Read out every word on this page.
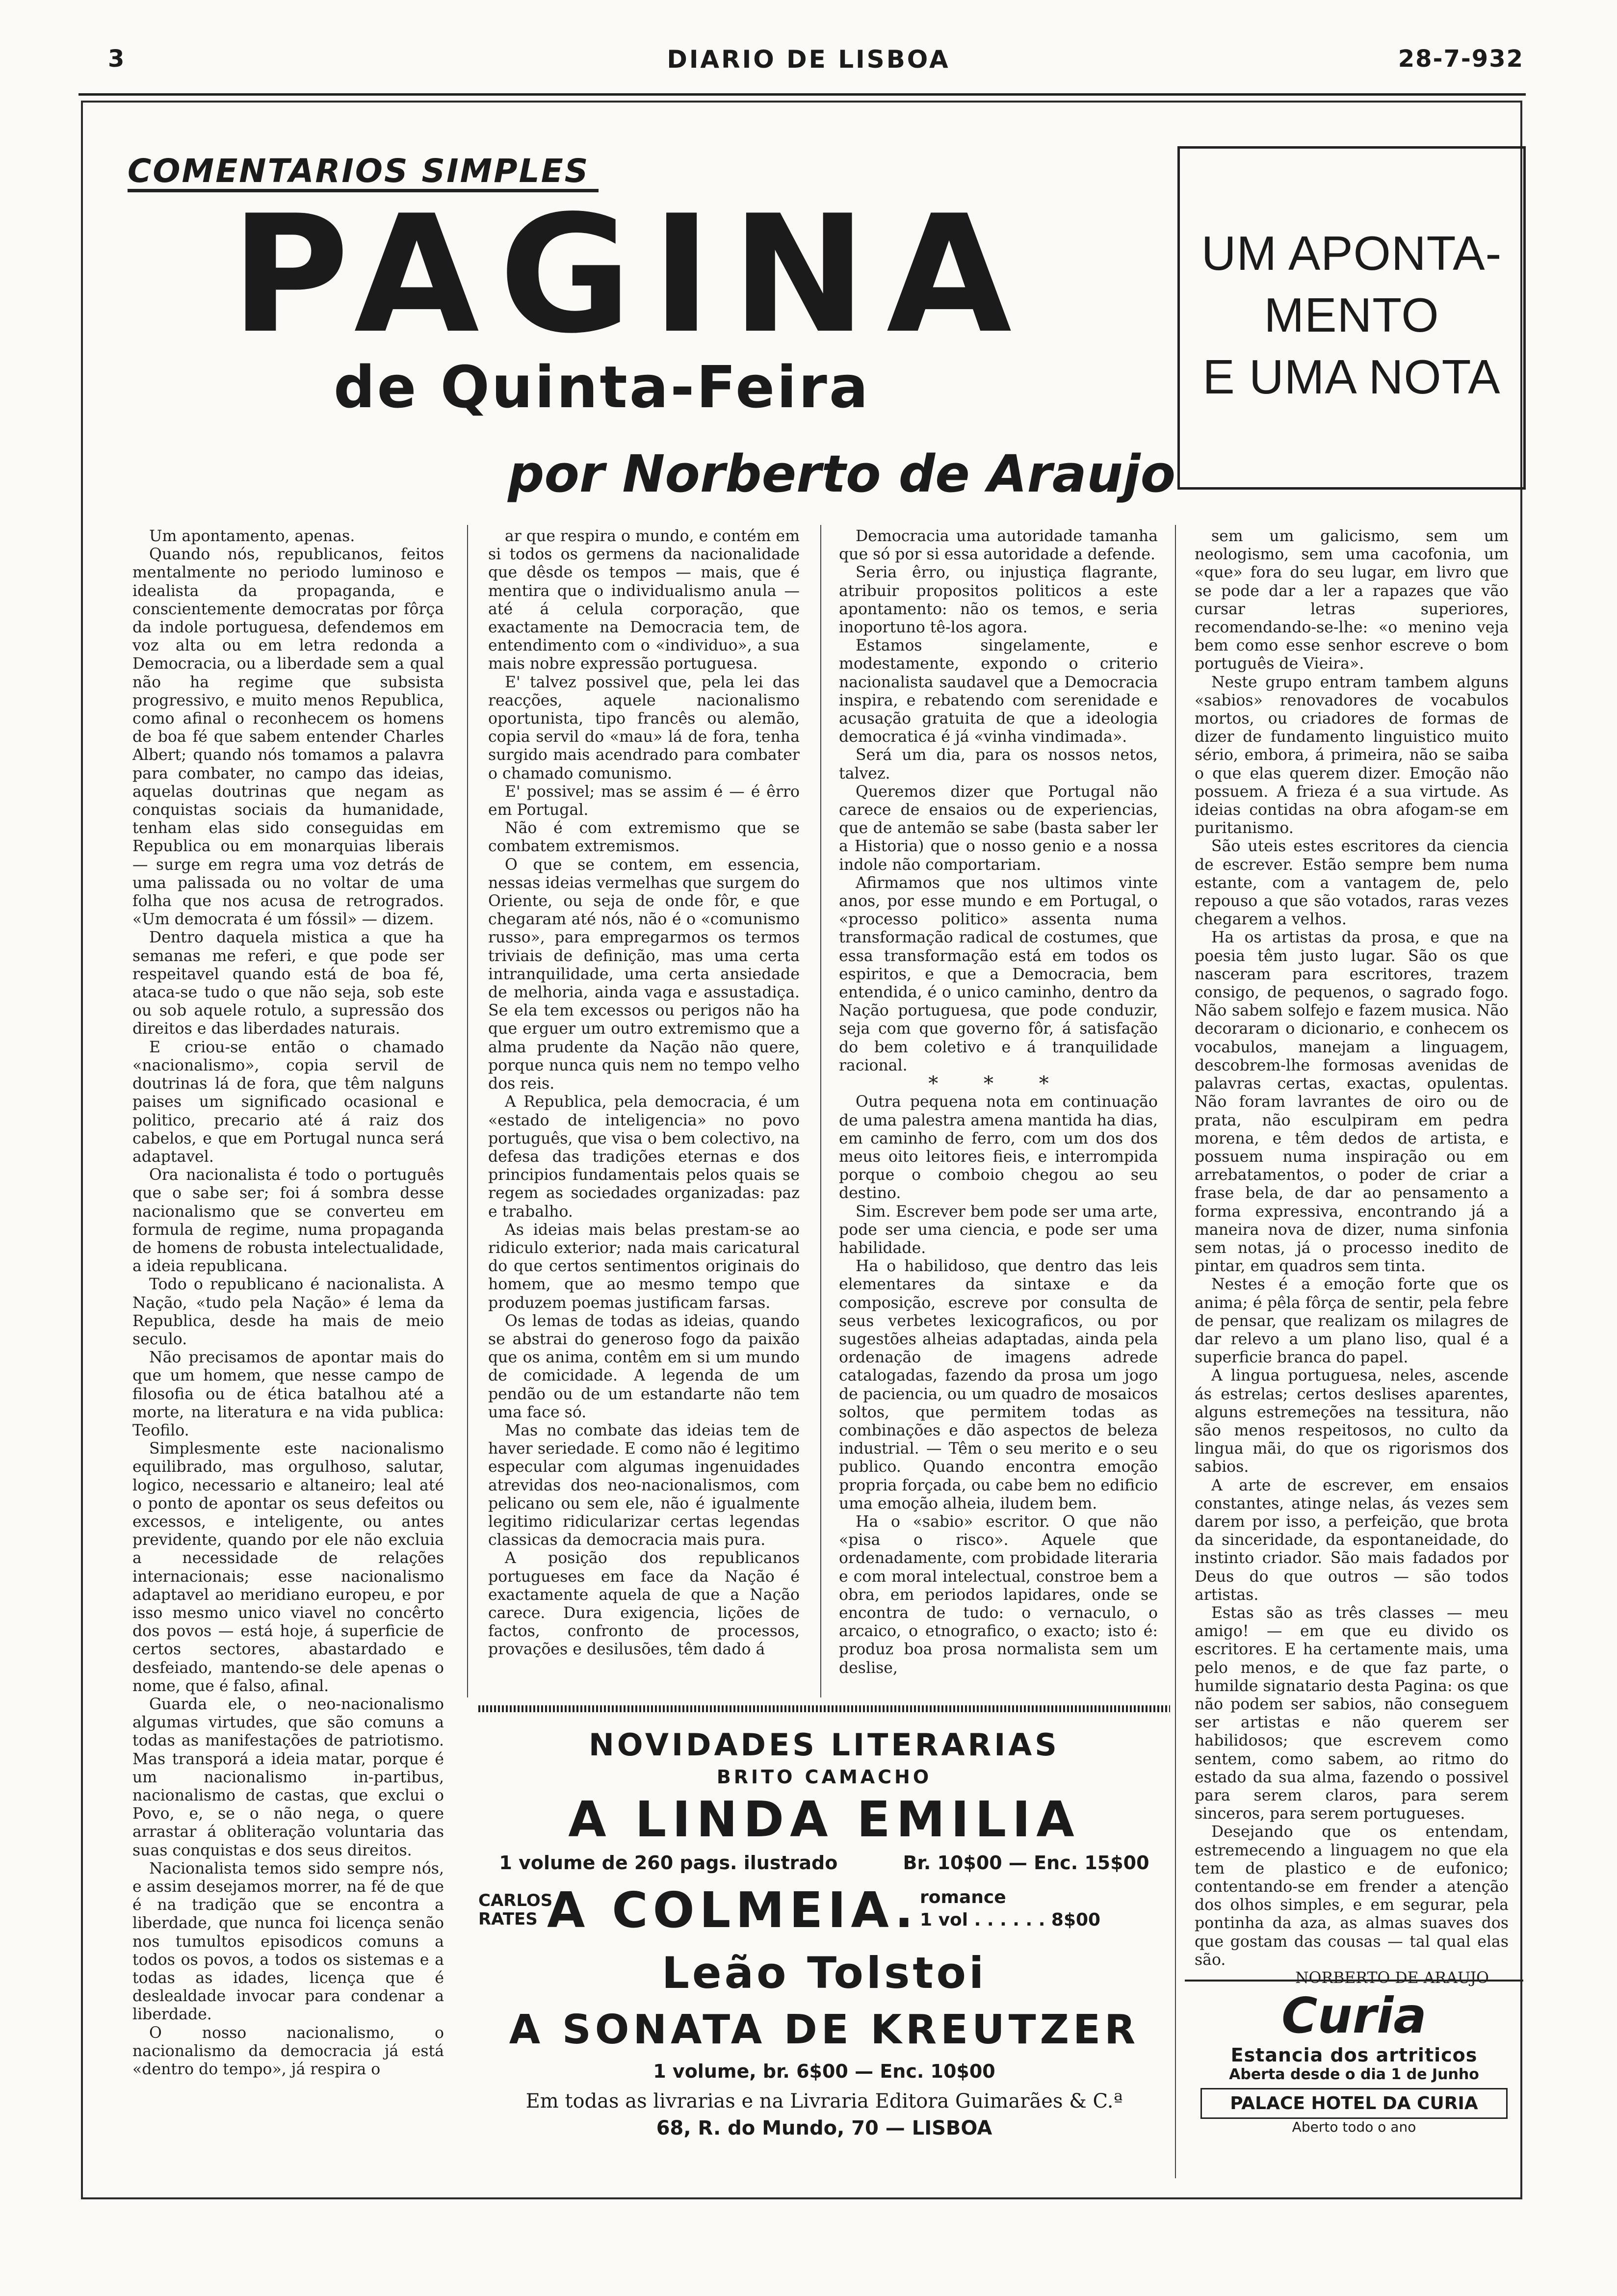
3	DIARIO DE LISBOA	28-7-932
COMENTARIOS SIMPLES
PAGINA
de Quinta-Feira
por Norberto de Araujo
UM APONTA-
MENTO
E UMA NOTA

Um apontamento, apenas.

Quando nós, republicanos, feitos mentalmente no periodo luminoso e idealista da propaganda, e conscientemente democratas por fôrça da indole portuguesa, defendemos em voz alta ou em letra redonda a Democracia, ou a liberdade sem a qual não ha regime que subsista progressivo, e muito menos Republica, como afinal o reconhecem os homens de boa fé que sabem entender Charles Albert; quando nós tomamos a palavra para combater, no campo das ideias, aquelas doutrinas que negam as conquistas sociais da humanidade, tenham elas sido conseguidas em Republica ou em monarquias liberais — surge em regra uma voz detrás de uma palissada ou no voltar de uma folha que nos acusa de retrogrados. «Um democrata é um fóssil» — dizem.

Dentro daquela mistica a que ha semanas me referi, e que pode ser respeitavel quando está de boa fé, ataca-se tudo o que não seja, sob este ou sob aquele rotulo, a supressão dos direitos e das liberdades naturais.

E criou-se então o chamado «nacionalismo», copia servil de doutrinas lá de fora, que têm nalguns paises um significado ocasional e politico, precario até á raiz dos cabelos, e que em Portugal nunca será adaptavel.

Ora nacionalista é todo o português que o sabe ser; foi á sombra desse nacionalismo que se converteu em formula de regime, numa propaganda de homens de robusta intelectualidade, a ideia republicana.

Todo o republicano é nacionalista. A Nação, «tudo pela Nação» é lema da Republica, desde ha mais de meio seculo.

Não precisamos de apontar mais do que um homem, que nesse campo de filosofia ou de ética batalhou até a morte, na literatura e na vida publica: Teofilo.

Simplesmente este nacionalismo equilibrado, mas orgulhoso, salutar, logico, necessario e altaneiro; leal até o ponto de apontar os seus defeitos ou excessos, e inteligente, ou antes previdente, quando por ele não excluia a necessidade de relações internacionais; esse nacionalismo adaptavel ao meridiano europeu, e por isso mesmo unico viavel no concêrto dos povos — está hoje, á superficie de certos sectores, abastardado e desfeiado, mantendo-se dele apenas o nome, que é falso, afinal.

Guarda ele, o neo-nacionalismo algumas virtudes, que são comuns a todas as manifestações de patriotismo. Mas transporá a ideia matar, porque é um nacionalismo in-partibus, nacionalismo de castas, que exclui o Povo, e, se o não nega, o quere arrastar á obliteração voluntaria das suas conquistas e dos seus direitos.

Nacionalista temos sido sempre nós, e assim desejamos morrer, na fé de que é na tradição que se encontra a liberdade, que nunca foi licença senão nos tumultos episodicos comuns a todos os povos, a todos os sistemas e a todas as idades, licença que é deslealdade invocar para condenar a liberdade.

O nosso nacionalismo, o nacionalismo da democracia já está «dentro do tempo», já respira o

ar que respira o mundo, e contém em si todos os germens da nacionalidade que dêsde os tempos — mais, que é mentira que o individualismo anula — até á celula corporação, que exactamente na Democracia tem, de entendimento com o «individuo», a sua mais nobre expressão portuguesa.

E' talvez possivel que, pela lei das reacções, aquele nacionalismo oportunista, tipo francês ou alemão, copia servil do «mau» lá de fora, tenha surgido mais acendrado para combater o chamado comunismo.

E' possivel; mas se assim é — é êrro em Portugal.

Não é com extremismo que se combatem extremismos.

O que se contem, em essencia, nessas ideias vermelhas que surgem do Oriente, ou seja de onde fôr, e que chegaram até nós, não é o «comunismo russo», para empregarmos os termos triviais de definição, mas uma certa intranquilidade, uma certa ansiedade de melhoria, ainda vaga e assustadiça. Se ela tem excessos ou perigos não ha que erguer um outro extremismo que a alma prudente da Nação não quere, porque nunca quis nem no tempo velho dos reis.

A Republica, pela democracia, é um «estado de inteligencia» no povo português, que visa o bem colectivo, na defesa das tradições eternas e dos principios fundamentais pelos quais se regem as sociedades organizadas: paz e trabalho.

As ideias mais belas prestam-se ao ridiculo exterior; nada mais caricatural do que certos sentimentos originais do homem, que ao mesmo tempo que produzem poemas justificam farsas.

Os lemas de todas as ideias, quando se abstrai do generoso fogo da paixão que os anima, contêm em si um mundo de comicidade. A legenda de um pendão ou de um estandarte não tem uma face só.

Mas no combate das ideias tem de haver seriedade. E como não é legitimo especular com algumas ingenuidades atrevidas dos neo-nacionalismos, com pelicano ou sem ele, não é igualmente legitimo ridicularizar certas legendas classicas da democracia mais pura.

A posição dos republicanos portugueses em face da Nação é exactamente aquela de que a Nação carece. Dura exigencia, lições de factos, confronto de processos, provações e desilusões, têm dado á

Democracia uma autoridade tamanha que só por si essa autoridade a defende.

Seria êrro, ou injustiça flagrante, atribuir propositos politicos a este apontamento: não os temos, e seria inoportuno tê-los agora.

Estamos singelamente, e modestamente, expondo o criterio nacionalista saudavel que a Democracia inspira, e rebatendo com serenidade e acusação gratuita de que a ideologia democratica é já «vinha vindimada».

Será um dia, para os nossos netos, talvez.

Queremos dizer que Portugal não carece de ensaios ou de experiencias, que de antemão se sabe (basta saber ler a Historia) que o nosso genio e a nossa indole não comportariam.

Afirmamos que nos ultimos vinte anos, por esse mundo e em Portugal, o «processo politico» assenta numa transformação radical de costumes, que essa transformação está em todos os espiritos, e que a Democracia, bem entendida, é o unico caminho, dentro da Nação portuguesa, que pode conduzir, seja com que governo fôr, á satisfação do bem coletivo e á tranquilidade racional.

* * *

Outra pequena nota em continuação de uma palestra amena mantida ha dias, em caminho de ferro, com um dos dos meus oito leitores fieis, e interrompida porque o comboio chegou ao seu destino.

Sim. Escrever bem pode ser uma arte, pode ser uma ciencia, e pode ser uma habilidade.

Ha o habilidoso, que dentro das leis elementares da sintaxe e da composição, escreve por consulta de seus verbetes lexicograficos, ou por sugestões alheias adaptadas, ainda pela ordenação de imagens adrede catalogadas, fazendo da prosa um jogo de paciencia, ou um quadro de mosaicos soltos, que permitem todas as combinações e dão aspectos de beleza industrial. — Têm o seu merito e o seu publico. Quando encontra emoção propria forçada, ou cabe bem no edificio uma emoção alheia, iludem bem.

Ha o «sabio» escritor. O que não «pisa o risco». Aquele que ordenadamente, com probidade literaria e com moral intelectual, constroe bem a obra, em periodos lapidares, onde se encontra de tudo: o vernaculo, o arcaico, o etnografico, o exacto; isto é: produz boa prosa normalista sem um deslise,

sem um galicismo, sem um neologismo, sem uma cacofonia, um «que» fora do seu lugar, em livro que se pode dar a ler a rapazes que vão cursar letras superiores, recomendando-se-lhe: «o menino veja bem como esse senhor escreve o bom português de Vieira».

Neste grupo entram tambem alguns «sabios» renovadores de vocabulos mortos, ou criadores de formas de dizer de fundamento linguistico muito sério, embora, á primeira, não se saiba o que elas querem dizer. Emoção não possuem. A frieza é a sua virtude. As ideias contidas na obra afogam-se em puritanismo.

São uteis estes escritores da ciencia de escrever. Estão sempre bem numa estante, com a vantagem de, pelo repouso a que são votados, raras vezes chegarem a velhos.

Ha os artistas da prosa, e que na poesia têm justo lugar. São os que nasceram para escritores, trazem consigo, de pequenos, o sagrado fogo. Não sabem solfejo e fazem musica. Não decoraram o dicionario, e conhecem os vocabulos, manejam a linguagem, descobrem-lhe formosas avenidas de palavras certas, exactas, opulentas. Não foram lavrantes de oiro ou de prata, não esculpiram em pedra morena, e têm dedos de artista, e possuem numa inspiração ou em arrebatamentos, o poder de criar a frase bela, de dar ao pensamento a forma expressiva, encontrando já a maneira nova de dizer, numa sinfonia sem notas, já o processo inedito de pintar, em quadros sem tinta.

Nestes é a emoção forte que os anima; é pêla fôrça de sentir, pela febre de pensar, que realizam os milagres de dar relevo a um plano liso, qual é a superficie branca do papel.

A lingua portuguesa, neles, ascende ás estrelas; certos deslises aparentes, alguns estremeções na tessitura, não são menos respeitosos, no culto da lingua mãi, do que os rigorismos dos sabios.

A arte de escrever, em ensaios constantes, atinge nelas, ás vezes sem darem por isso, a perfeição, que brota da sinceridade, da espontaneidade, do instinto criador. São mais fadados por Deus do que outros — são todos artistas.

Estas são as três classes — meu amigo! — em que eu divido os escritores. E ha certamente mais, uma pelo menos, e de que faz parte, o humilde signatario desta Pagina: os que não podem ser sabios, não conseguem ser artistas e não querem ser habilidosos; que escrevem como sentem, como sabem, ao ritmo do estado da sua alma, fazendo o possivel para serem claros, para serem sinceros, para serem portugueses.

Desejando que os entendam, estremecendo a linguagem no que ela tem de plastico e de eufonico; contentando-se em frender a atenção dos olhos simples, e em segurar, pela pontinha da aza, as almas suaves dos que gostam das cousas — tal qual elas são.

NORBERTO DE ARAUJO

NOVIDADES LITERARIAS
BRITO CAMACHO
A LINDA EMILIA
1 volume de 260 pags. ilustrado	Br. 10$00 — Enc. 15$00
CARLOS RATES A COLMEIA. romance
1 vol . . . . . . 8$00
Leão Tolstoi
A SONATA DE KREUTZER
1 volume, br. 6$00 — Enc. 10$00
Em todas as livrarias e na Livraria Editora Guimarães & C.ª
68, R. do Mundo, 70 — LISBOA
Curia
Estancia dos artriticos
Aberta desde o dia 1 de Junho
PALACE HOTEL DA CURIA
Aberto todo o ano
